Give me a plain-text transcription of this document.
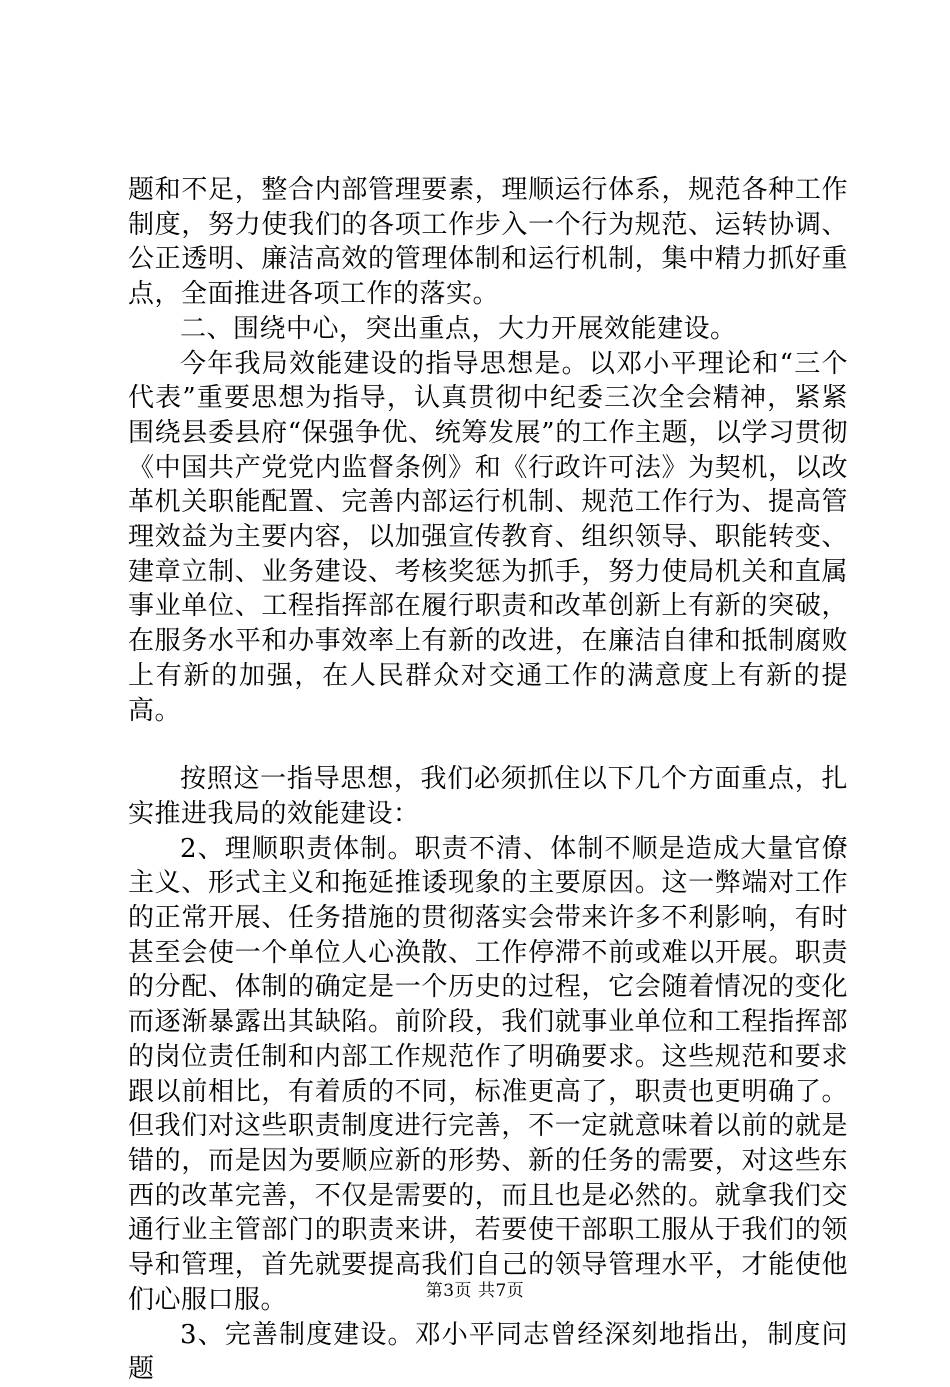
题和不足，整合内部管理要素，理顺运行体系，规范各种工作制度，努力使我们的各项工作步入一个行为规范、运转协调、公正透明、廉洁高效的管理体制和运行机制，集中精力抓好重点，全面推进各项工作的落实。

二、围绕中心，突出重点，大力开展效能建设。

今年我局效能建设的指导思想是。以邓小平理论和“三个代表”重要思想为指导，认真贯彻中纪委三次全会精神，紧紧围绕县委县府“保强争优、统筹发展”的工作主题，以学习贯彻《中国共产党党内监督条例》和《行政许可法》为契机，以改革机关职能配置、完善内部运行机制、规范工作行为、提高管理效益为主要内容，以加强宣传教育、组织领导、职能转变、建章立制、业务建设、考核奖惩为抓手，努力使局机关和直属事业单位、工程指挥部在履行职责和改革创新上有新的突破，在服务水平和办事效率上有新的改进，在廉洁自律和抵制腐败上有新的加强，在人民群众对交通工作的满意度上有新的提高。

按照这一指导思想，我们必须抓住以下几个方面重点，扎实推进我局的效能建设：

2、理顺职责体制。职责不清、体制不顺是造成大量官僚主义、形式主义和拖延推诿现象的主要原因。这一弊端对工作的正常开展、任务措施的贯彻落实会带来许多不利影响，有时甚至会使一个单位人心涣散、工作停滞不前或难以开展。职责的分配、体制的确定是一个历史的过程，它会随着情况的变化而逐渐暴露出其缺陷。前阶段，我们就事业单位和工程指挥部的岗位责任制和内部工作规范作了明确要求。这些规范和要求跟以前相比，有着质的不同，标准更高了，职责也更明确了。但我们对这些职责制度进行完善，不一定就意味着以前的就是错的，而是因为要顺应新的形势、新的任务的需要，对这些东西的改革完善，不仅是需要的，而且也是必然的。就拿我们交通行业主管部门的职责来讲，若要使干部职工服从于我们的领导和管理，首先就要提高我们自己的领导管理水平，才能使他们心服口服。

3、完善制度建设。邓小平同志曾经深刻地指出，制度问题

第3页 共7页
